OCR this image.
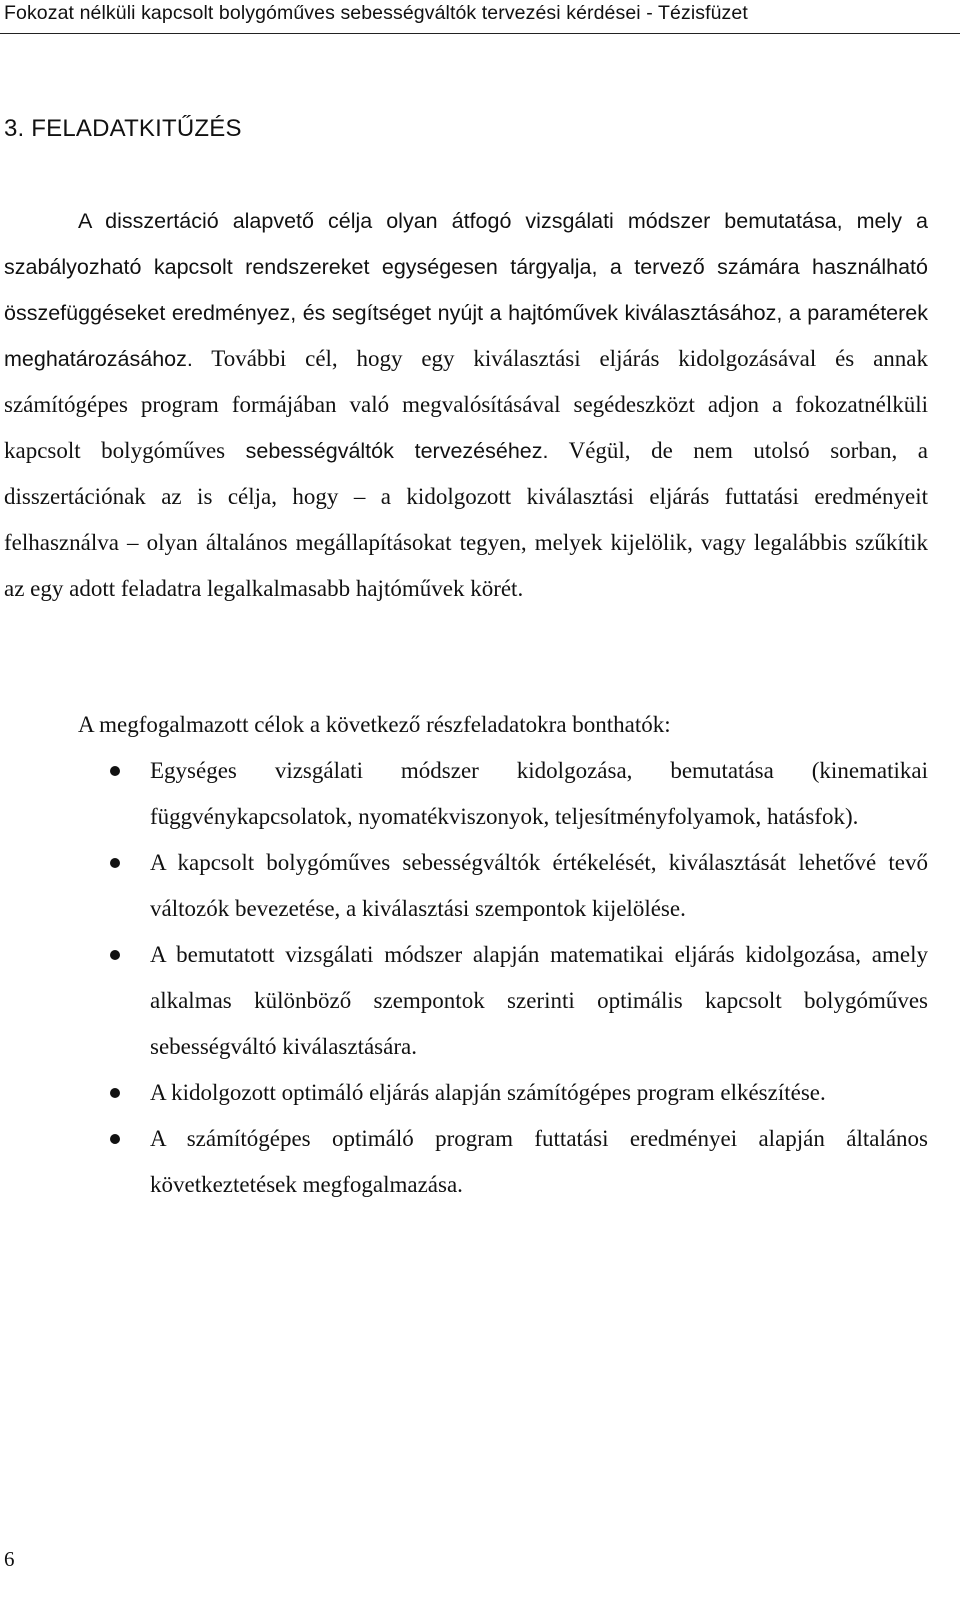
Fokozat nélküli kapcsolt bolygóműves sebességváltók tervezési kérdései - Tézisfüzet
3. FELADATKITŰZÉS

A disszertáció alapvető célja olyan átfogó vizsgálati módszer bemutatása, mely a szabályozható kapcsolt rendszereket egységesen tárgyalja, a tervező számára használható összefüggéseket eredményez, és segítséget nyújt a hajtóművek kiválasztásához, a paraméterek meghatározásához. További cél, hogy egy kiválasztási eljárás kidolgozásával és annak számítógépes program formájában való megvalósításával segédeszközt adjon a fokozatnélküli kapcsolt bolygóműves sebességváltók tervezéséhez. Végül, de nem utolsó sorban, a disszertációnak az is célja, hogy – a kidolgozott kiválasztási eljárás futtatási eredményeit felhasználva – olyan általános megállapításokat tegyen, melyek kijelölik, vagy legalábbis szűkítik az egy adott feladatra legalkalmasabb hajtóművek körét.

A megfogalmazott célok a következő részfeladatokra bonthatók:

Egységes vizsgálati módszer kidolgozása, bemutatása (kinematikai függvénykapcsolatok, nyomatékviszonyok, teljesítményfolyamok, hatásfok).

A kapcsolt bolygóműves sebességváltók értékelését, kiválasztását lehetővé tevő változók bevezetése, a kiválasztási szempontok kijelölése.

A bemutatott vizsgálati módszer alapján matematikai eljárás kidolgozása, amely alkalmas különböző szempontok szerinti optimális kapcsolt bolygóműves sebességváltó kiválasztására.

A kidolgozott optimáló eljárás alapján számítógépes program elkészítése.

A számítógépes optimáló program futtatási eredményei alapján általános következtetések megfogalmazása.

6
